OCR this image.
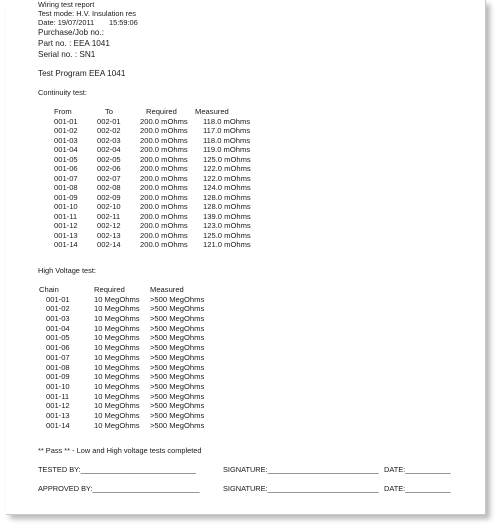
Wiring test report
Test mode: H.V. Insulation res
Date: 19/07/2011 15:59:06
Purchase/Job no.:
Part no. : EEA 1041
Serial no. : SN1
Test Program EEA 1041
Continuity test:
From	To	Required Measured
001-01	002-01	200.0 mOhms 118.0 mOhms
001-02	002-02	200.0 mOhms 117.0 mOhms
001-03	002-03	200.0 mOhms 118.0 mOhms
001-04	002-04	200.0 mOhms 119.0 mOhms
001-05	002-05	200.0 mOhms 125.0 mOhms
001-06	002-06	200.0 mOhms 122.0 mOhms
001-07	002-07	200.0 mOhms 122.0 mOhms
001-08	002-08	200.0 mOhms 124.0 mOhms
001-09	002-09	200.0 mOhms 128.0 mOhms
001-10	002-10	200.0 mOhms 128.0 mOhms
001-11	002-11	200.0 mOhms 139.0 mOhms
001-12	002-12	200.0 mOhms 123.0 mOhms
001-13	002-13	200.0 mOhms 125.0 mOhms
001-14	002-14	200.0 mOhms 121.0 mOhms
High Voltage test:
Chain	Required	Measured
001-01	10 MegOhms >500 MegOhms
001-02	10 MegOhms >500 MegOhms
001-03	10 MegOhms >500 MegOhms
001-04	10 MegOhms >500 MegOhms
001-05	10 MegOhms >500 MegOhms
001-06	10 MegOhms >500 MegOhms
001-07	10 MegOhms >500 MegOhms
001-08	10 MegOhms >500 MegOhms
001-09	10 MegOhms >500 MegOhms
001-10	10 MegOhms >500 MegOhms
001-11	10 MegOhms >500 MegOhms
001-12	10 MegOhms >500 MegOhms
001-13	10 MegOhms >500 MegOhms
001-14	10 MegOhms >500 MegOhms
** Pass ** - Low and High voltage tests completed
TESTED BY:____________________________	SIGNATURE:___________________________ DATE:___________
APPROVED BY:__________________________	SIGNATURE:___________________________ DATE:___________
